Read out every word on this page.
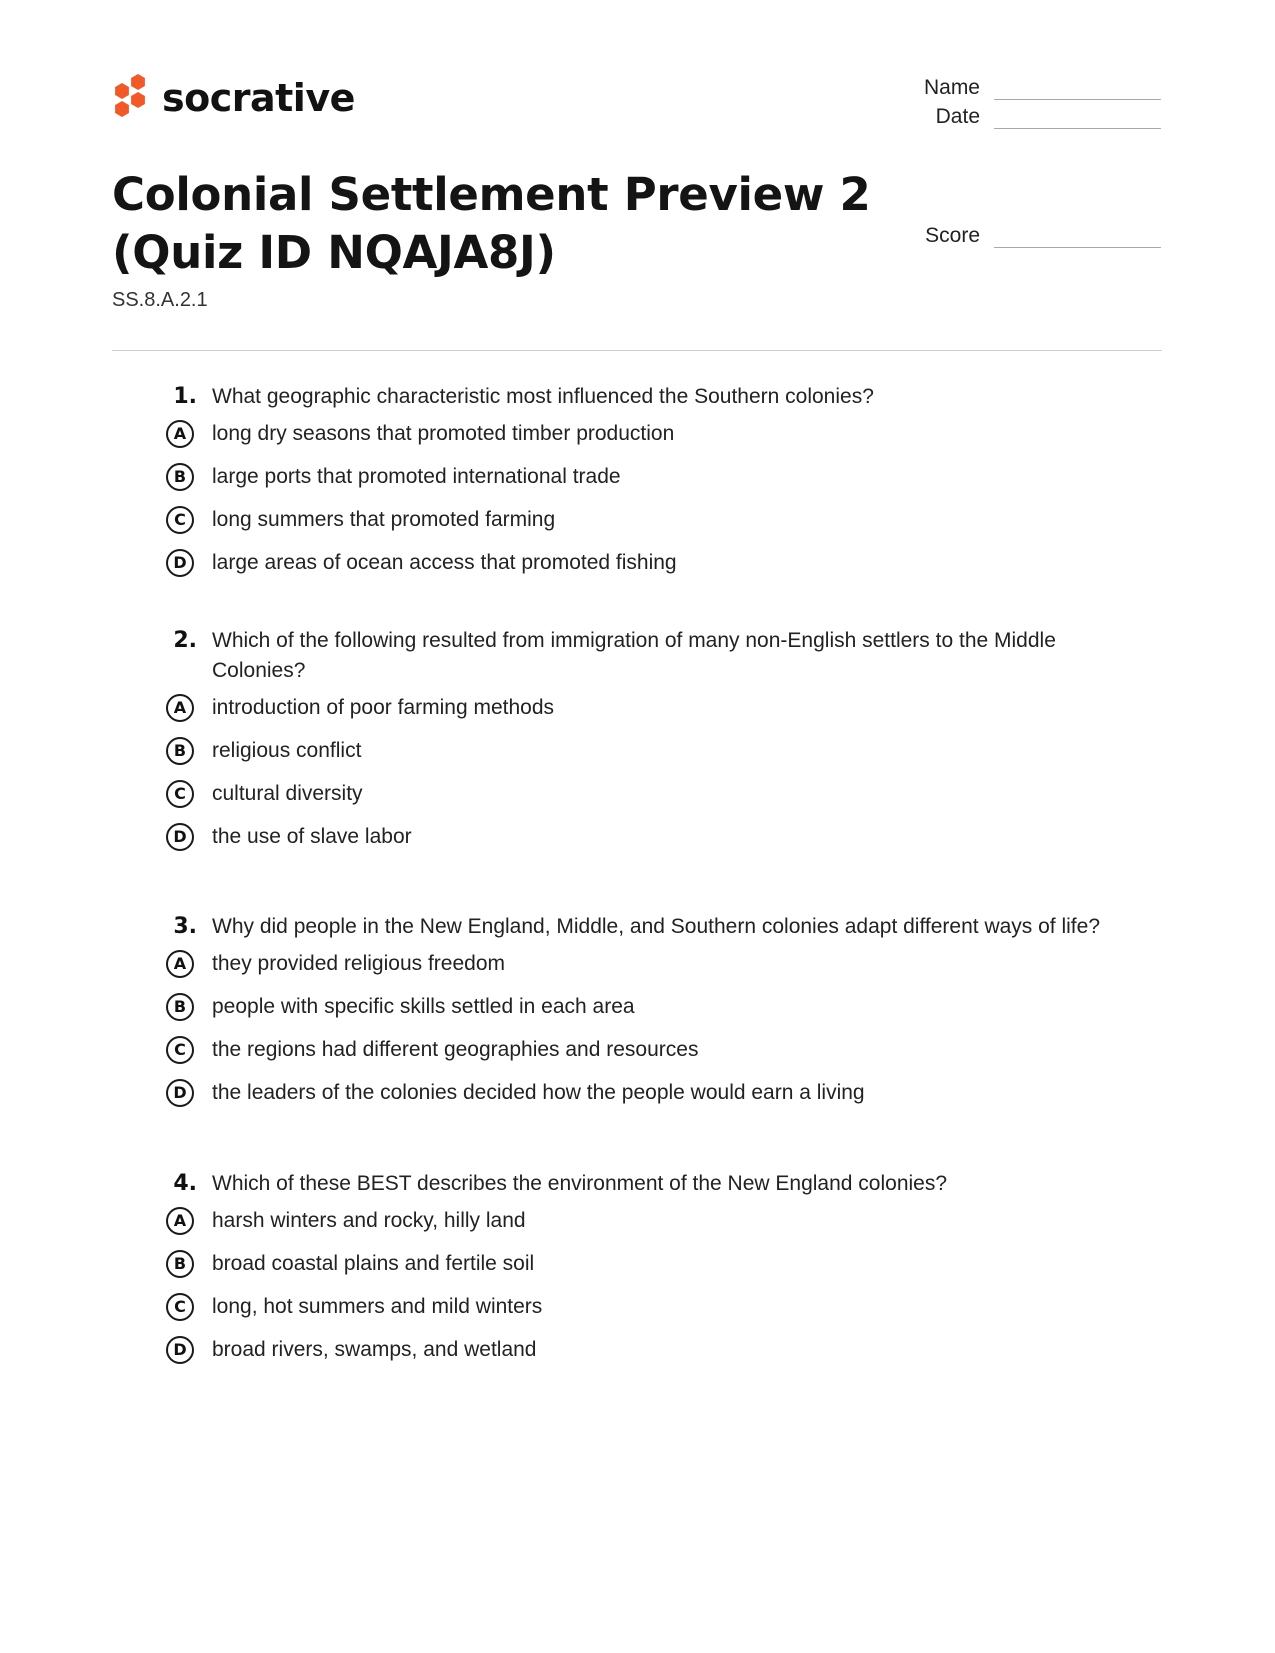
socrative	Name
Date
Score
Colonial Settlement Preview 2 (Quiz ID NQAJA8J)
SS.8.A.2.1
1. What geographic characteristic most influenced the Southern colonies?
A	long dry seasons that promoted timber production
B	large ports that promoted international trade
C	long summers that promoted farming
D	large areas of ocean access that promoted fishing
2. Which of the following resulted from immigration of many non-English settlers to the Middle Colonies?
A	introduction of poor farming methods
B	religious conflict
C	cultural diversity
D	the use of slave labor
3. Why did people in the New England, Middle, and Southern colonies adapt different ways of life?
A	they provided religious freedom
B	people with specific skills settled in each area
C	the regions had different geographies and resources
D	the leaders of the colonies decided how the people would earn a living
4. Which of these BEST describes the environment of the New England colonies?
A	harsh winters and rocky, hilly land
B	broad coastal plains and fertile soil
C	long, hot summers and mild winters
D	broad rivers, swamps, and wetland
